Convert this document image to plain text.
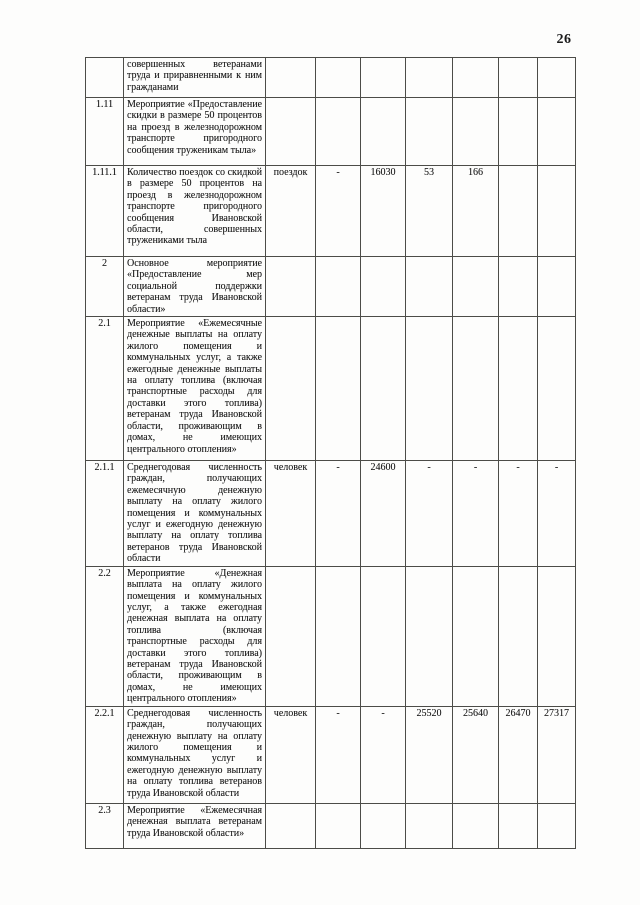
26
	совершенных ветеранами труда и приравненными к ним гражданами							
1.11	Мероприятие «Предоставление скидки в размере 50 процентов на проезд в железнодорожном транспорте пригородного сообщения труженикам тыла»							
1.11.1	Количество поездок со скидкой в размере 50 процентов на проезд в железнодорожном транспорте пригородного сообщения Ивановской области, совершенных тружениками тыла	поездок	-	16030	53	166		
2	Основное мероприятие «Предоставление мер социальной поддержки ветеранам труда Ивановской области»							
2.1	Мероприятие «Ежемесячные денежные выплаты на оплату жилого помещения и коммунальных услуг, а также ежегодные денежные выплаты на оплату топлива (включая транспортные расходы для доставки этого топлива) ветеранам труда Ивановской области, проживающим в домах, не имеющих центрального отопления»							
2.1.1	Среднегодовая численность граждан, получающих ежемесячную денежную выплату на оплату жилого помещения и коммунальных услуг и ежегодную денежную выплату на оплату топлива ветеранов труда Ивановской области	человек	-	24600	-	-	-	-
2.2	Мероприятие «Денежная выплата на оплату жилого помещения и коммунальных услуг, а также ежегодная денежная выплата на оплату топлива (включая транспортные расходы для доставки этого топлива) ветеранам труда Ивановской области, проживающим в домах, не имеющих центрального отопления»							
2.2.1	Среднегодовая численность граждан, получающих денежную выплату на оплату жилого помещения и коммунальных услуг и ежегодную денежную выплату на оплату топлива ветеранов труда Ивановской области	человек	-	-	25520	25640	26470	27317
2.3	Мероприятие «Ежемесячная денежная выплата ветеранам труда Ивановской области»							
